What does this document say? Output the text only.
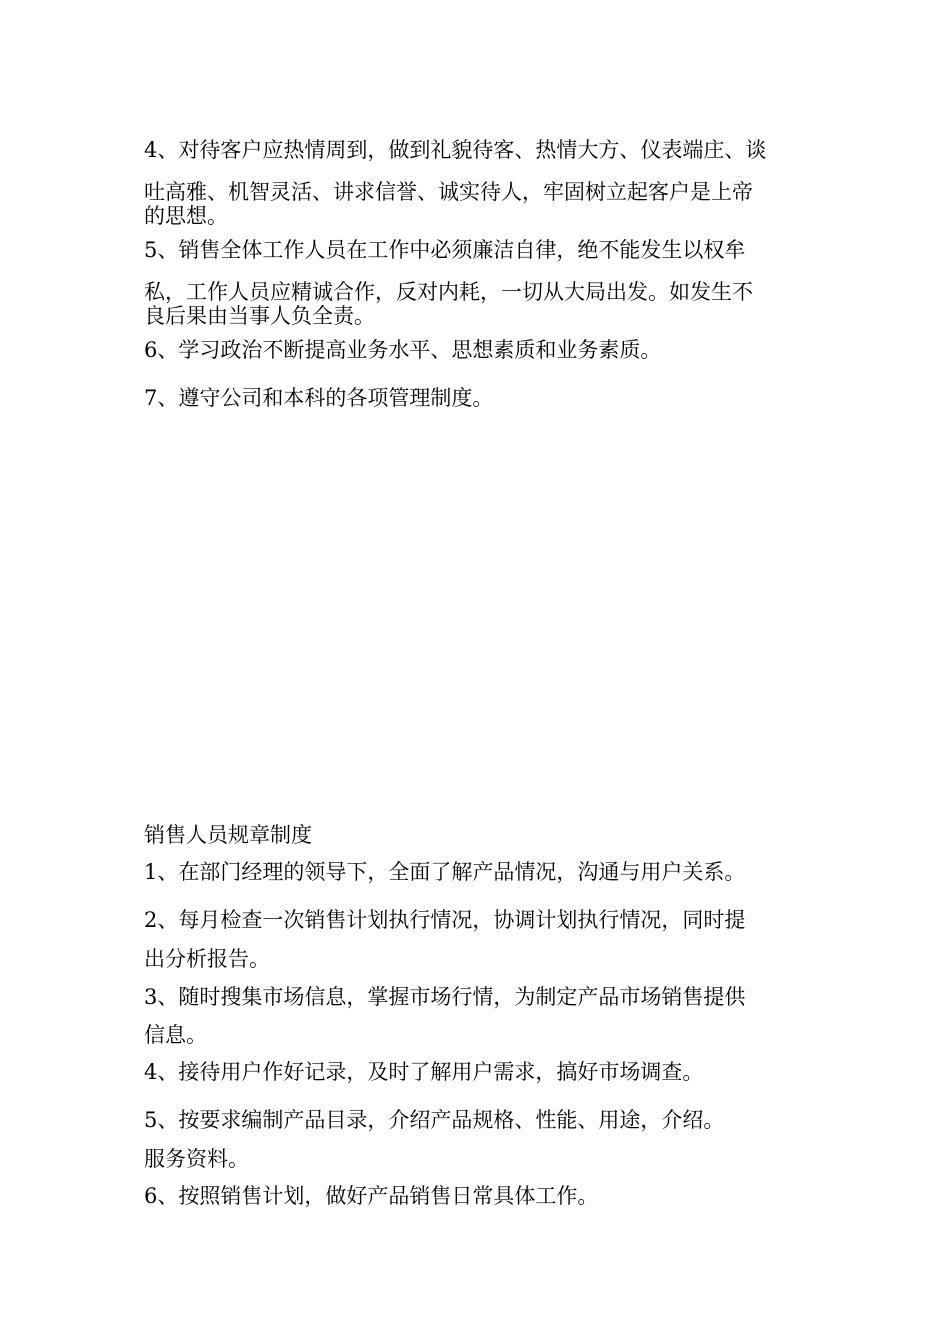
4、对待客户应热情周到，做到礼貌待客、热情大方、仪表端庄、谈
吐高雅、机智灵活、讲求信誉、诚实待人，牢固树立起客户是上帝
的思想。
5、销售全体工作人员在工作中必须廉洁自律，绝不能发生以权牟
私，工作人员应精诚合作，反对内耗，一切从大局出发。如发生不
良后果由当事人负全责。
6、学习政治不断提高业务水平、思想素质和业务素质。
7、遵守公司和本科的各项管理制度。
销售人员规章制度
1、在部门经理的领导下，全面了解产品情况，沟通与用户关系。
2、每月检查一次销售计划执行情况，协调计划执行情况，同时提
出分析报告。
3、随时搜集市场信息，掌握市场行情，为制定产品市场销售提供
信息。
4、接待用户作好记录，及时了解用户需求，搞好市场调查。
5、按要求编制产品目录，介绍产品规格、性能、用途，介绍。
服务资料。
6、按照销售计划，做好产品销售日常具体工作。
